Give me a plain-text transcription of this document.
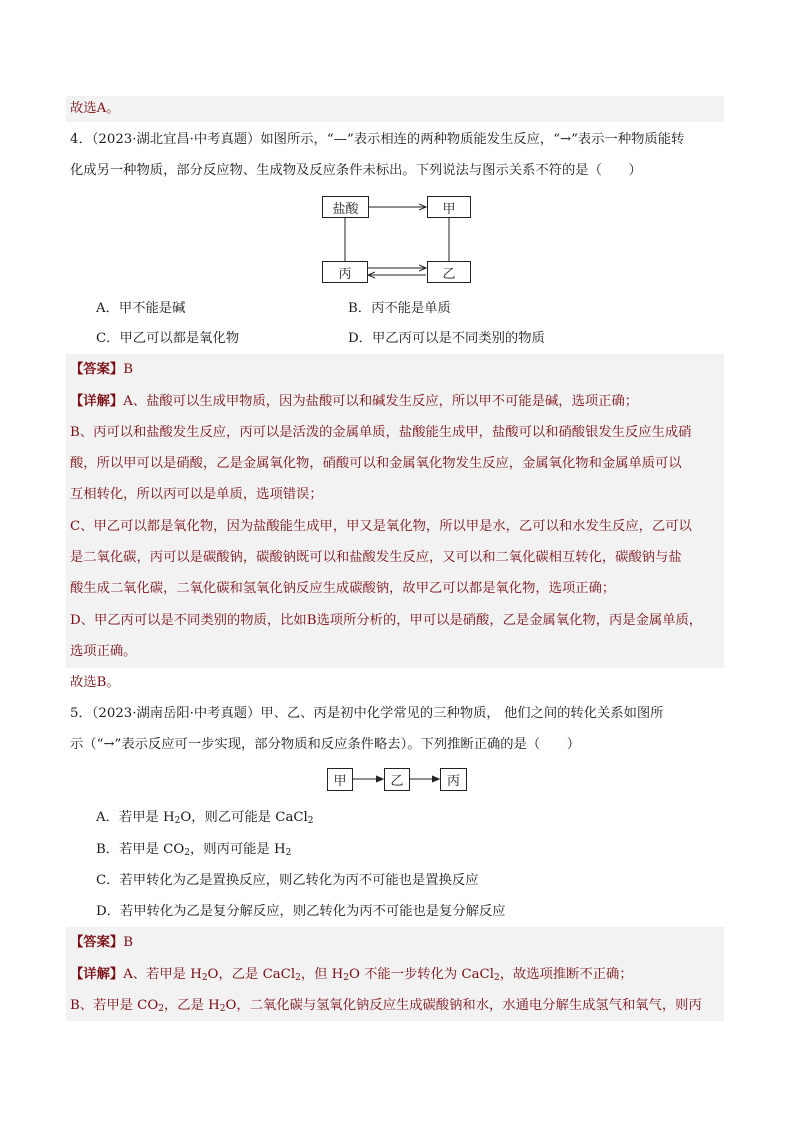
故选A。
4．（2023·湖北宜昌·中考真题）如图所示，“—”表示相连的两种物质能发生反应，“→”表示一种物质能转
化成另一种物质，部分反应物、生成物及反应条件未标出。下列说法与图示关系不符的是（　　）
盐酸	甲
丙	乙
A．甲不能是碱	B．丙不能是单质
C．甲乙可以都是氧化物	D．甲乙丙可以是不同类别的物质
【答案】B
【详解】A、盐酸可以生成甲物质，因为盐酸可以和碱发生反应，所以甲不可能是碱，选项正确；
B、丙可以和盐酸发生反应，丙可以是活泼的金属单质，盐酸能生成甲，盐酸可以和硝酸银发生反应生成硝
酸，所以甲可以是硝酸，乙是金属氧化物，硝酸可以和金属氧化物发生反应，金属氧化物和金属单质可以
互相转化，所以丙可以是单质，选项错误；
C、甲乙可以都是氧化物，因为盐酸能生成甲，甲又是氧化物，所以甲是水，乙可以和水发生反应，乙可以
是二氧化碳，丙可以是碳酸钠，碳酸钠既可以和盐酸发生反应，又可以和二氧化碳相互转化，碳酸钠与盐
酸生成二氧化碳，二氧化碳和氢氧化钠反应生成碳酸钠，故甲乙可以都是氧化物，选项正确；
D、甲乙丙可以是不同类别的物质，比如B选项所分析的，甲可以是硝酸，乙是金属氧化物，丙是金属单质，
选项正确。
故选B。
5．（2023·湖南岳阳·中考真题）甲、乙、丙是初中化学常见的三种物质， 他们之间的转化关系如图所
示（“→”表示反应可一步实现，部分物质和反应条件略去）。下列推断正确的是（　　）
甲	乙	丙
A．若甲是 $H_2O$，则乙可能是 CaCl$_2$
B．若甲是 $CO_2$，则丙可能是 $H_2$
C．若甲转化为乙是置换反应，则乙转化为丙不可能也是置换反应
D．若甲转化为乙是复分解反应，则乙转化为丙不可能也是复分解反应
【答案】B
【详解】A、若甲是 $H_2O$，乙是 CaCl$_2$，但 $H_2O$ 不能一步转化为 CaCl$_2$，故选项推断不正确；
B、若甲是 $CO_2$，乙是 $H_2O$，二氧化碳与氢氧化钠反应生成碳酸钠和水，水通电分解生成氢气和氧气，则丙
